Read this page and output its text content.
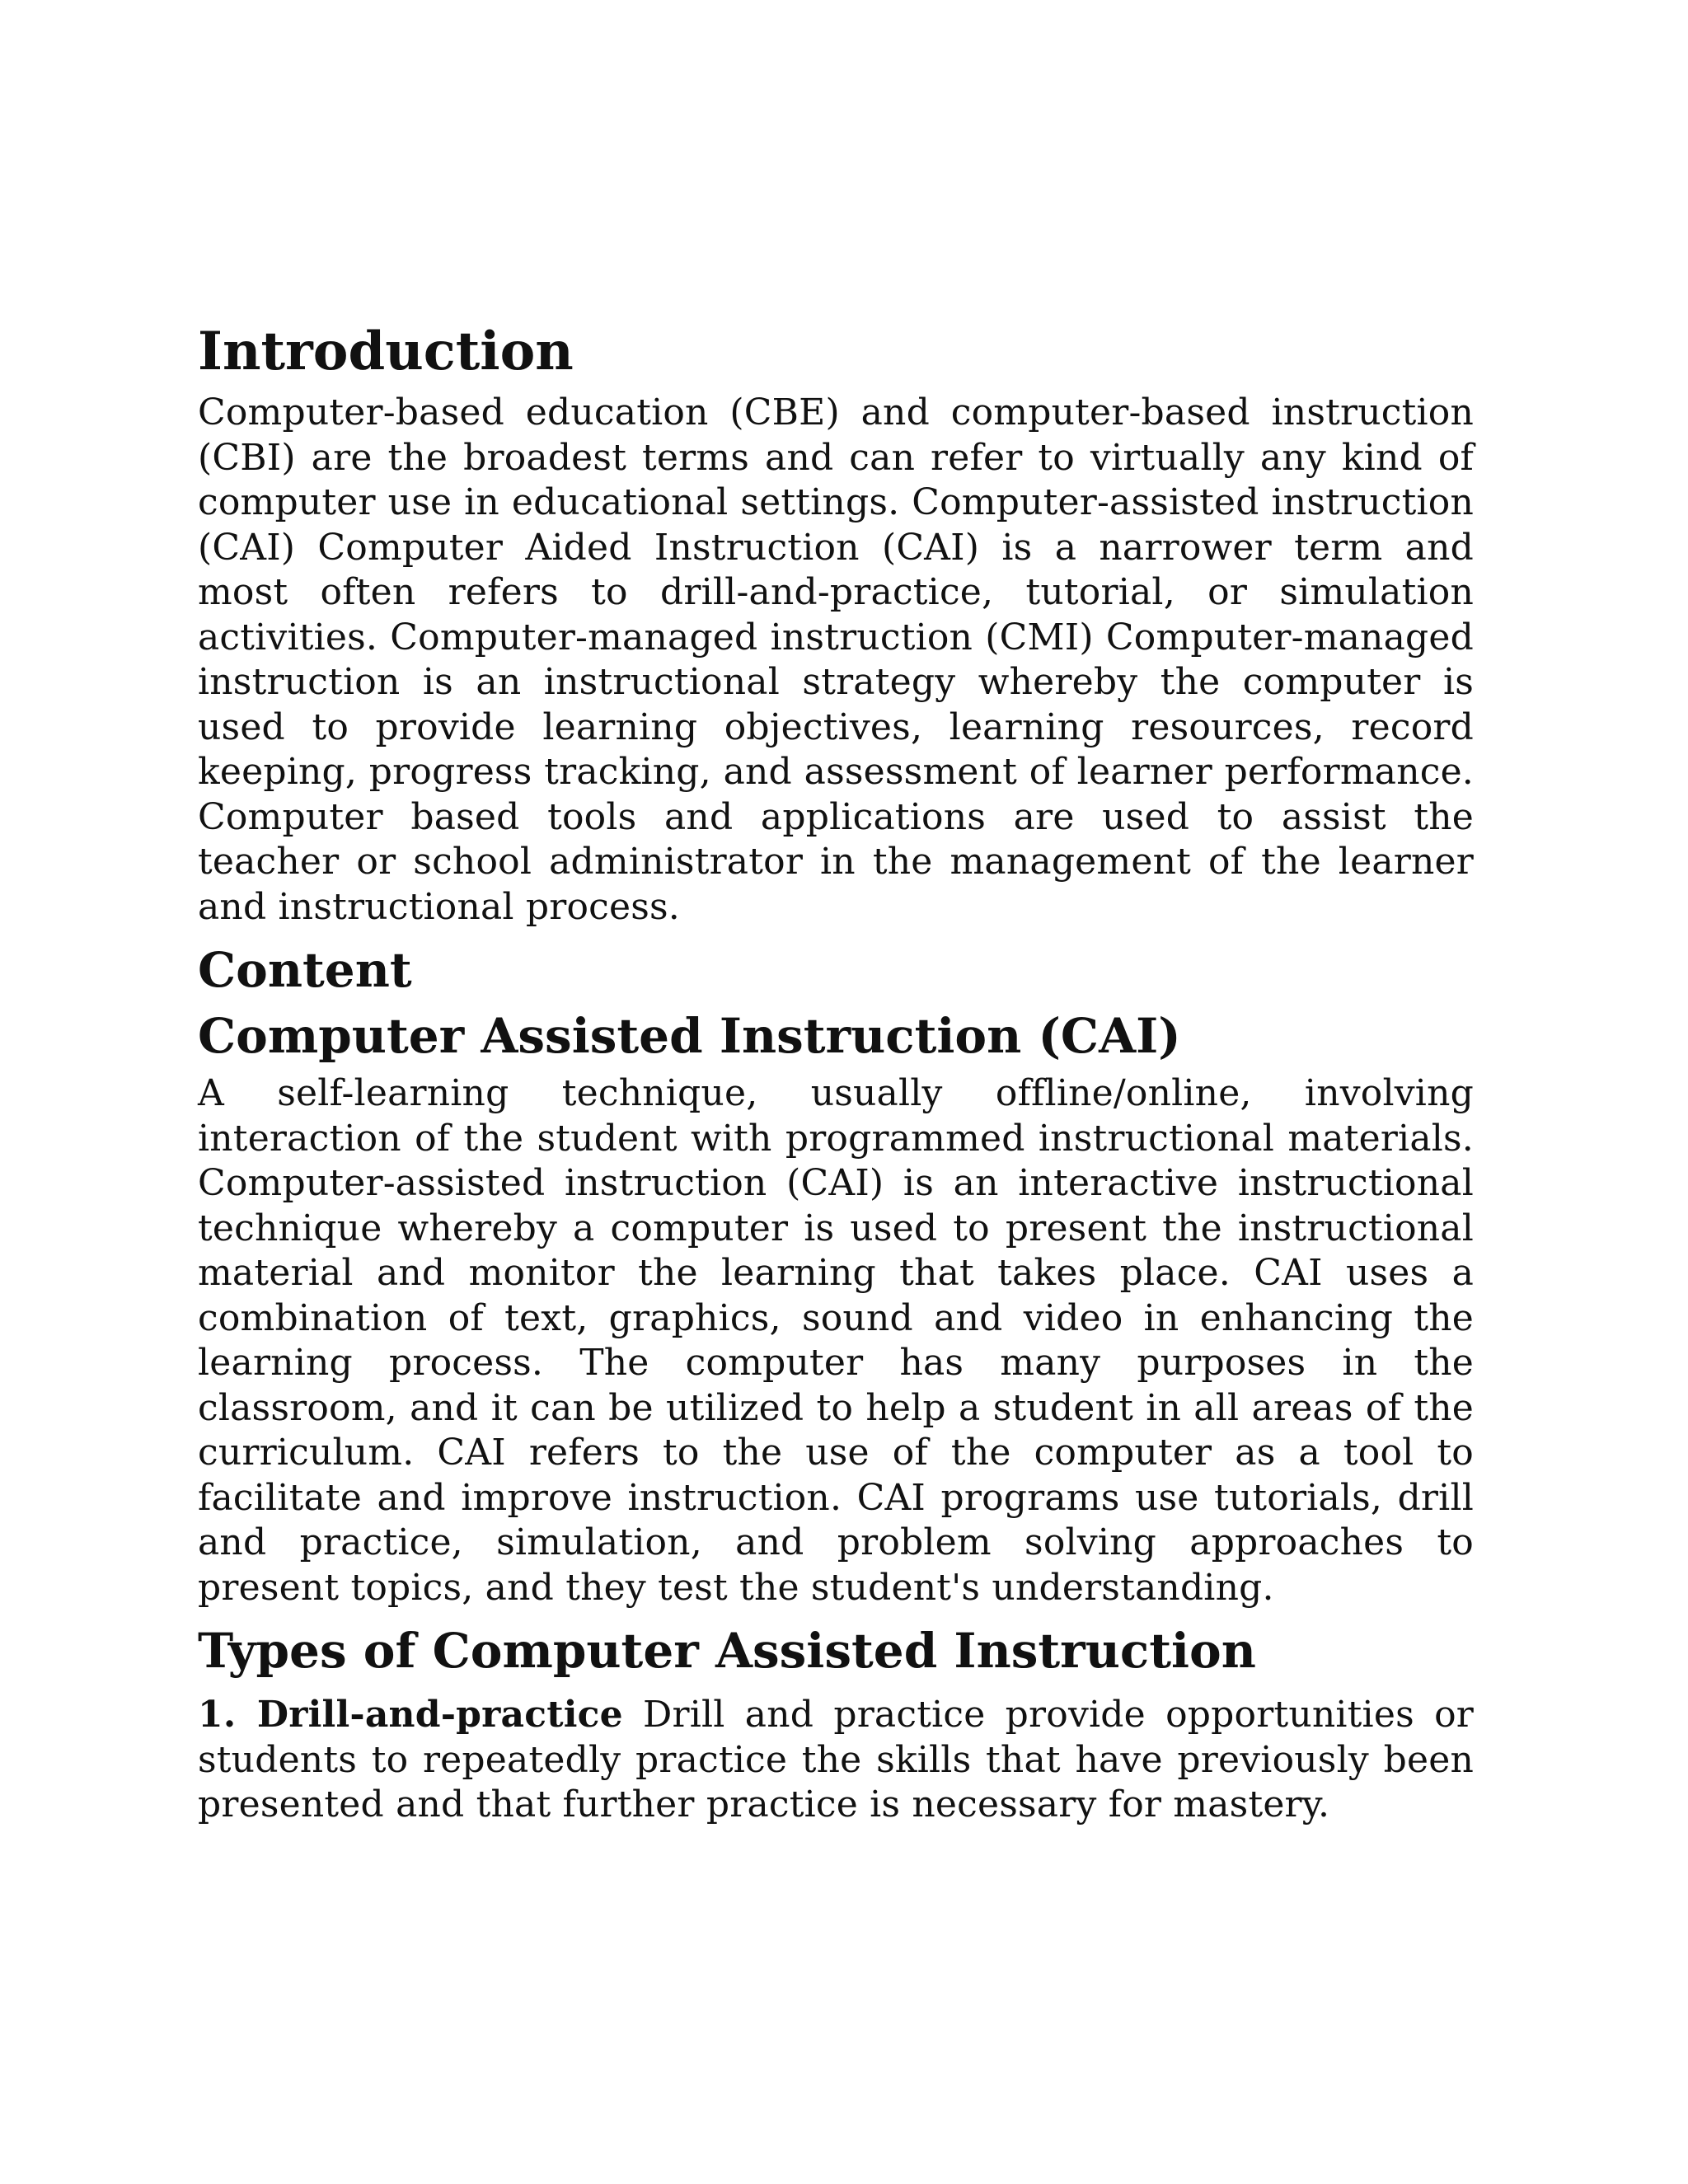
Introduction

Computer-based education (CBE) and computer-based instruction (CBI) are the broadest terms and can refer to virtually any kind of computer use in educational settings. Computer-assisted instruction (CAI) Computer Aided Instruction (CAI) is a narrower term and most often refers to drill-and-practice, tutorial, or simulation activities. Computer-managed instruction (CMI) Computer-managed instruction is an instructional strategy whereby the computer is used to provide learning objectives, learning resources, record keeping, progress tracking, and assessment of learner performance. Computer based tools and applications are used to assist the teacher or school administrator in the management of the learner and instructional process.

Content
Computer Assisted Instruction (CAI)

A self-learning technique, usually offline/online, involving interaction of the student with programmed instructional materials. Computer-assisted instruction (CAI) is an interactive instructional technique whereby a computer is used to present the instructional material and monitor the learning that takes place. CAI uses a combination of text, graphics, sound and video in enhancing the learning process. The computer has many purposes in the classroom, and it can be utilized to help a student in all areas of the curriculum. CAI refers to the use of the computer as a tool to facilitate and improve instruction. CAI programs use tutorials, drill and practice, simulation, and problem solving approaches to present topics, and they test the student's understanding.

Types of Computer Assisted Instruction

1. Drill-and-practice Drill and practice provide opportunities or students to repeatedly practice the skills that have previously been presented and that further practice is necessary for mastery.
